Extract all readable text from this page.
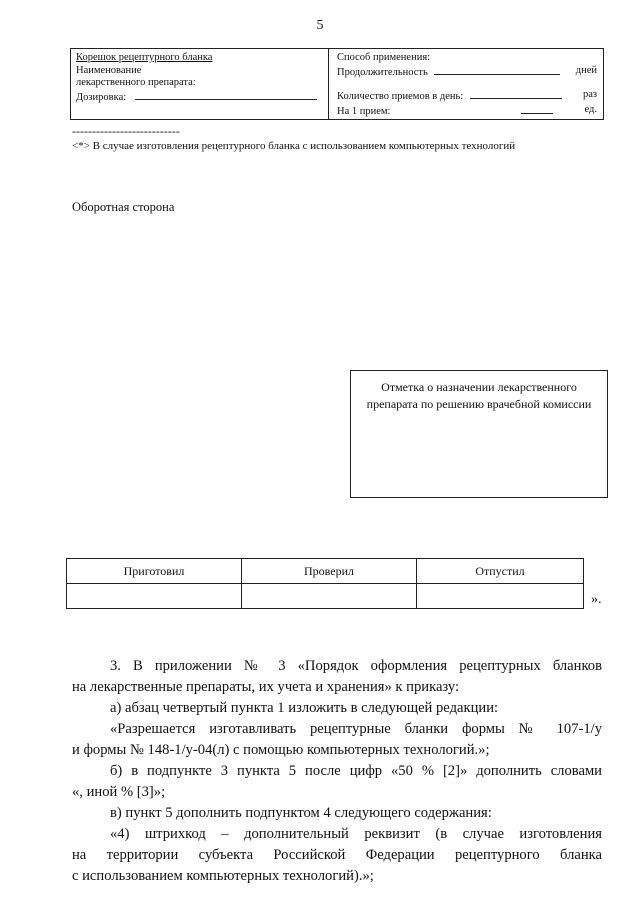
5
Корешок рецептурного бланка
Наименование
лекарственного препарата:
Дозировка:
Способ применения:
Продолжительность	дней
Количество приемов в день:	раз
На 1 прием:	ед.
---------------------------
<*> В случае изготовления рецептурного бланка с использованием компьютерных технологий
Оборотная сторона
Отметка о назначении лекарственного препарата по решению врачебной комиссии
Приготовил	Проверил	Отпустил

».

3. В приложении № 3 «Порядок оформления рецептурных бланков

на лекарственные препараты, их учета и хранения» к приказу:

а) абзац четвертый пункта 1 изложить в следующей редакции:

«Разрешается изготавливать рецептурные бланки формы № 107-1/у

и формы № 148-1/у-04(л) с помощью компьютерных технологий.»;

б) в подпункте 3 пункта 5 после цифр «50 % [2]» дополнить словами

«, иной % [3]»;

в) пункт 5 дополнить подпунктом 4 следующего содержания:

«4) штрихкод – дополнительный реквизит (в случае изготовления

на территории субъекта Российской Федерации рецептурного бланка

с использованием компьютерных технологий).»;
